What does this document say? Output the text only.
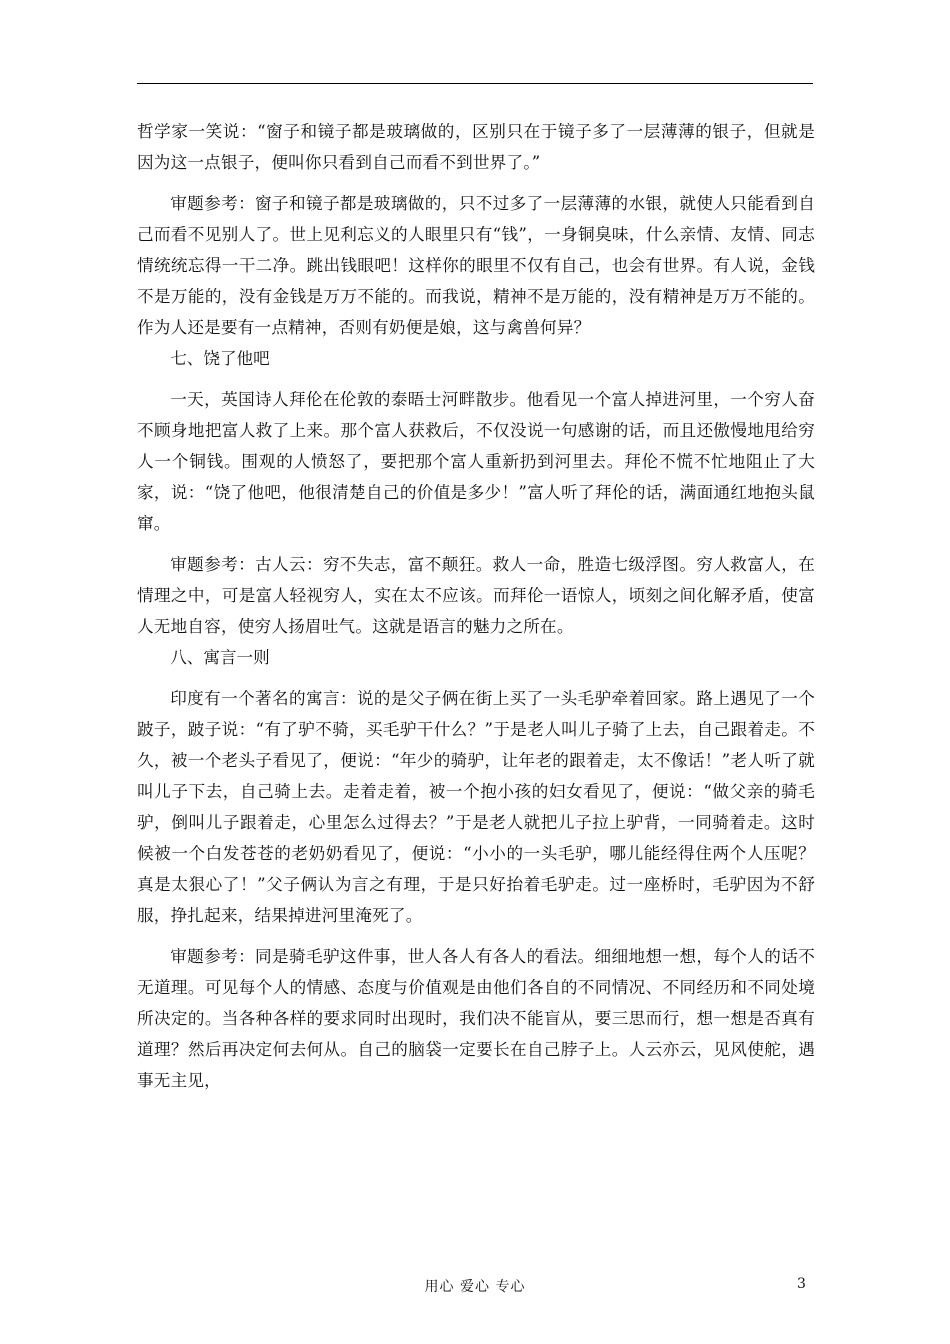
哲学家一笑说：“窗子和镜子都是玻璃做的，区别只在于镜子多了一层薄薄的银子，但就是因为这一点银子，便叫你只看到自己而看不到世界了。”

审题参考：窗子和镜子都是玻璃做的，只不过多了一层薄薄的水银，就使人只能看到自己而看不见别人了。世上见利忘义的人眼里只有“钱”，一身铜臭味，什么亲情、友情、同志情统统忘得一干二净。跳出钱眼吧！这样你的眼里不仅有自己，也会有世界。有人说，金钱不是万能的，没有金钱是万万不能的。而我说，精神不是万能的，没有精神是万万不能的。作为人还是要有一点精神，否则有奶便是娘，这与禽兽何异？

七、饶了他吧

一天，英国诗人拜伦在伦敦的泰晤士河畔散步。他看见一个富人掉进河里，一个穷人奋不顾身地把富人救了上来。那个富人获救后，不仅没说一句感谢的话，而且还傲慢地甩给穷人一个铜钱。围观的人愤怒了，要把那个富人重新扔到河里去。拜伦不慌不忙地阻止了大家，说：“饶了他吧，他很清楚自己的价值是多少！”富人听了拜伦的话，满面通红地抱头鼠窜。

审题参考：古人云：穷不失志，富不颠狂。救人一命，胜造七级浮图。穷人救富人，在情理之中，可是富人轻视穷人，实在太不应该。而拜伦一语惊人，顷刻之间化解矛盾，使富人无地自容，使穷人扬眉吐气。这就是语言的魅力之所在。

八、寓言一则

印度有一个著名的寓言：说的是父子俩在街上买了一头毛驴牵着回家。路上遇见了一个跛子，跛子说：“有了驴不骑，买毛驴干什么？”于是老人叫儿子骑了上去，自己跟着走。不久，被一个老头子看见了，便说：“年少的骑驴，让年老的跟着走，太不像话！”老人听了就叫儿子下去，自己骑上去。走着走着，被一个抱小孩的妇女看见了，便说：“做父亲的骑毛驴，倒叫儿子跟着走，心里怎么过得去？”于是老人就把儿子拉上驴背，一同骑着走。这时候被一个白发苍苍的老奶奶看见了，便说：“小小的一头毛驴，哪儿能经得住两个人压呢？真是太狠心了！”父子俩认为言之有理，于是只好抬着毛驴走。过一座桥时，毛驴因为不舒服，挣扎起来，结果掉进河里淹死了。

审题参考：同是骑毛驴这件事，世人各人有各人的看法。细细地想一想，每个人的话不无道理。可见每个人的情感、态度与价值观是由他们各自的不同情况、不同经历和不同处境所决定的。当各种各样的要求同时出现时，我们决不能盲从，要三思而行，想一想是否真有道理？然后再决定何去何从。自己的脑袋一定要长在自己脖子上。人云亦云，见风使舵，遇事无主见，

用心 爱心 专心	3
